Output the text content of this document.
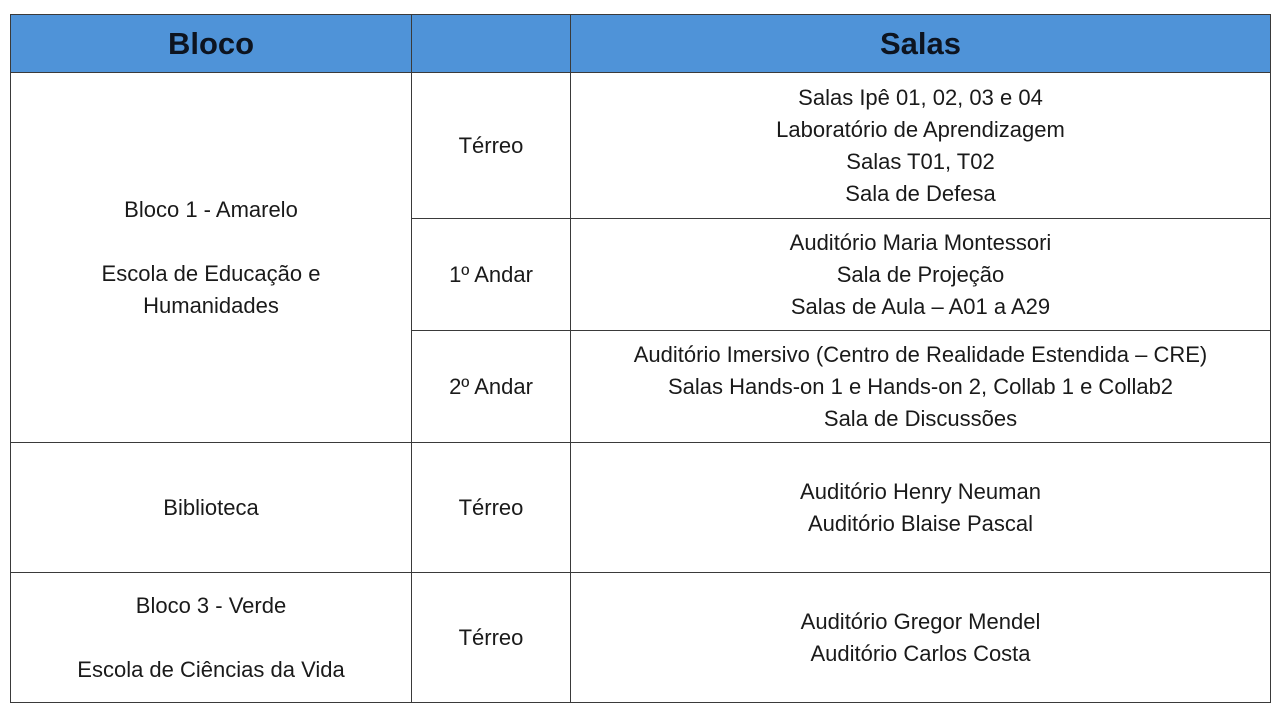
Bloco		Salas

Bloco 1 - Amarelo
Escola de Educação e
Humanidades	Térreo	Salas Ipê 01, 02, 03 e 04
Laboratório de Aprendizagem
Salas T01, T02
Sala de Defesa

	1º Andar	Auditório Maria Montessori
Sala de Projeção
Salas de Aula – A01 a A29

	2º Andar	Auditório Imersivo (Centro de Realidade Estendida – CRE)
Salas Hands-on 1 e Hands-on 2, Collab 1 e Collab2
Sala de Discussões

Biblioteca	Térreo	Auditório Henry Neuman
Auditório Blaise Pascal

Bloco 3 - Verde
Escola de Ciências da Vida	Térreo	Auditório Gregor Mendel
Auditório Carlos Costa
